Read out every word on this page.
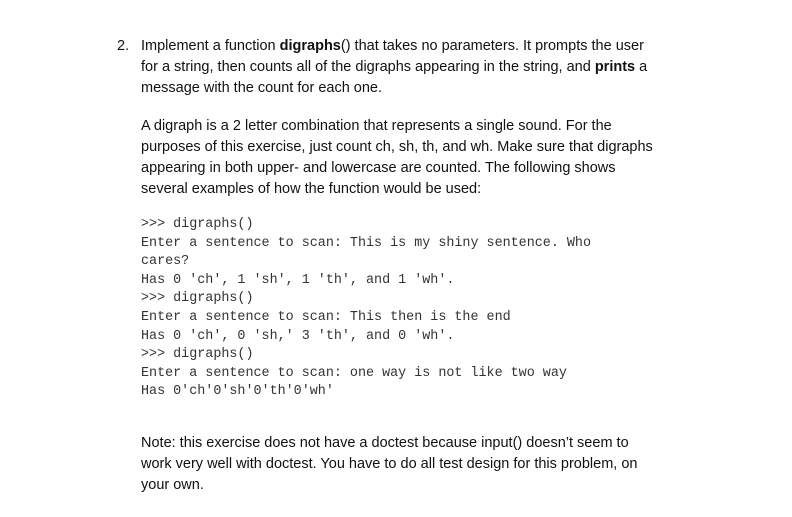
2. Implement a function digraphs() that takes no parameters. It prompts the user
for a string, then counts all of the digraphs appearing in the string, and prints a
message with the count for each one.
A digraph is a 2 letter combination that represents a single sound. For the
purposes of this exercise, just count ch, sh, th, and wh. Make sure that digraphs
appearing in both upper- and lowercase are counted. The following shows
several examples of how the function would be used:
>>> digraphs()
Enter a sentence to scan: This is my shiny sentence. Who
cares?
Has 0 'ch', 1 'sh', 1 'th', and 1 'wh'.
>>> digraphs()
Enter a sentence to scan: This then is the end
Has 0 'ch', 0 'sh,' 3 'th', and 0 'wh'.
>>> digraphs()
Enter a sentence to scan: one way is not like two way
Has 0'ch'0'sh'0'th'0'wh'
Note: this exercise does not have a doctest because input() doesn’t seem to
work very well with doctest. You have to do all test design for this problem, on
your own.
